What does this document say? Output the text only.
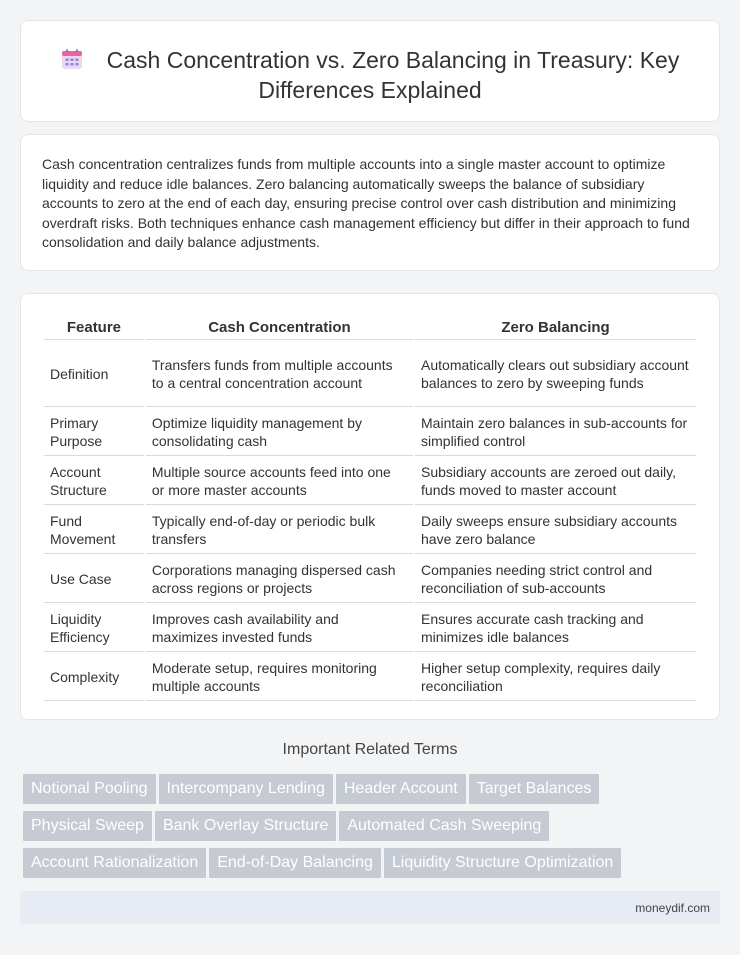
Cash Concentration vs. Zero Balancing in Treasury: Key
Differences Explained

Cash concentration centralizes funds from multiple accounts into a single master account to optimize liquidity and reduce idle balances. Zero balancing automatically sweeps the balance of subsidiary accounts to zero at the end of each day, ensuring precise control over cash distribution and minimizing overdraft risks. Both techniques enhance cash management efficiency but differ in their approach to fund consolidation and daily balance adjustments.

Feature	Cash Concentration	Zero Balancing
Definition	Transfers funds from multiple accounts to a central concentration account	Automatically clears out subsidiary account balances to zero by sweeping funds
Primary Purpose	Optimize liquidity management by consolidating cash	Maintain zero balances in sub-accounts for simplified control
Account Structure	Multiple source accounts feed into one or more master accounts	Subsidiary accounts are zeroed out daily, funds moved to master account
Fund Movement	Typically end-of-day or periodic bulk transfers	Daily sweeps ensure subsidiary accounts have zero balance
Use Case	Corporations managing dispersed cash across regions or projects	Companies needing strict control and reconciliation of sub-accounts
Liquidity Efficiency	Improves cash availability and maximizes invested funds	Ensures accurate cash tracking and minimizes idle balances
Complexity	Moderate setup, requires monitoring multiple accounts	Higher setup complexity, requires daily reconciliation
Important Related Terms
Notional Pooling Intercompany Lending Header Account Target Balances
Physical Sweep Bank Overlay Structure Automated Cash Sweeping
Account Rationalization End-of-Day Balancing Liquidity Structure Optimization
moneydif.com
